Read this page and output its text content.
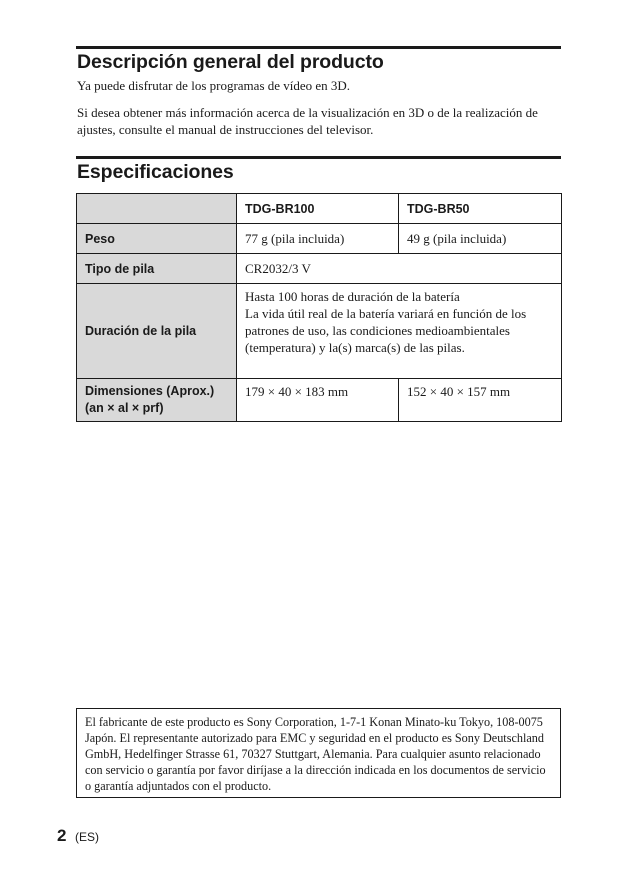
Descripción general del producto
Ya puede disfrutar de los programas de vídeo en 3D.
Si desea obtener más información acerca de la visualización en 3D o de la realización de ajustes, consulte el manual de instrucciones del televisor.
Especificaciones
	TDG-BR100	TDG-BR50
Peso	77 g (pila incluida)	49 g (pila incluida)
Tipo de pila	CR2032/3 V	
Duración de la pila	Hasta 100 horas de duración de la batería
La vida útil real de la batería variará en función de los patrones de uso, las condiciones medioambientales (temperatura) y la(s) marca(s) de las pilas.	

Dimensiones (Aprox.) (an × al × prf)	179 × 40 × 183 mm	152 × 40 × 157 mm
El fabricante de este producto es Sony Corporation, 1-7-1 Konan Minato-ku Tokyo, 108-0075 Japón. El representante autorizado para EMC y seguridad en el producto es Sony Deutschland GmbH, Hedelfinger Strasse 61, 70327 Stuttgart, Alemania. Para cualquier asunto relacionado con servicio o garantía por favor diríjase a la dirección indicada en los documentos de servicio o garantía adjuntados con el producto.
2 (ES)
